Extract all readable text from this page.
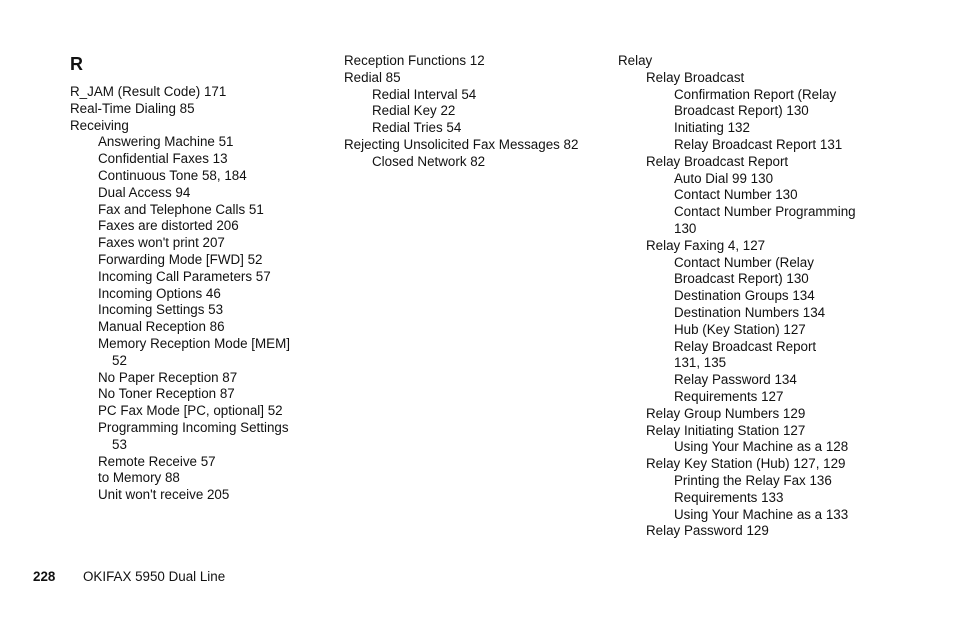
R
R_JAM (Result Code) 171
Real-Time Dialing 85
Receiving
Answering Machine 51
Confidential Faxes 13
Continuous Tone 58, 184
Dual Access 94
Fax and Telephone Calls 51
Faxes are distorted 206
Faxes won't print 207
Forwarding Mode [FWD] 52
Incoming Call Parameters 57
Incoming Options 46
Incoming Settings 53
Manual Reception 86
Memory Reception Mode [MEM]
52
No Paper Reception 87
No Toner Reception 87
PC Fax Mode [PC, optional] 52
Programming Incoming Settings
53
Remote Receive 57
to Memory 88
Unit won't receive 205
Reception Functions 12
Redial 85
Redial Interval 54
Redial Key 22
Redial Tries 54
Rejecting Unsolicited Fax Messages 82
Closed Network 82
Relay
Relay Broadcast
Confirmation Report (Relay
Broadcast Report) 130
Initiating 132
Relay Broadcast Report 131
Relay Broadcast Report
Auto Dial 99 130
Contact Number 130
Contact Number Programming
130
Relay Faxing 4, 127
Contact Number (Relay
Broadcast Report) 130
Destination Groups 134
Destination Numbers 134
Hub (Key Station) 127
Relay Broadcast Report
131, 135
Relay Password 134
Requirements 127
Relay Group Numbers 129
Relay Initiating Station 127
Using Your Machine as a 128
Relay Key Station (Hub) 127, 129
Printing the Relay Fax 136
Requirements 133
Using Your Machine as a 133
Relay Password 129
228 OKIFAX 5950 Dual Line
